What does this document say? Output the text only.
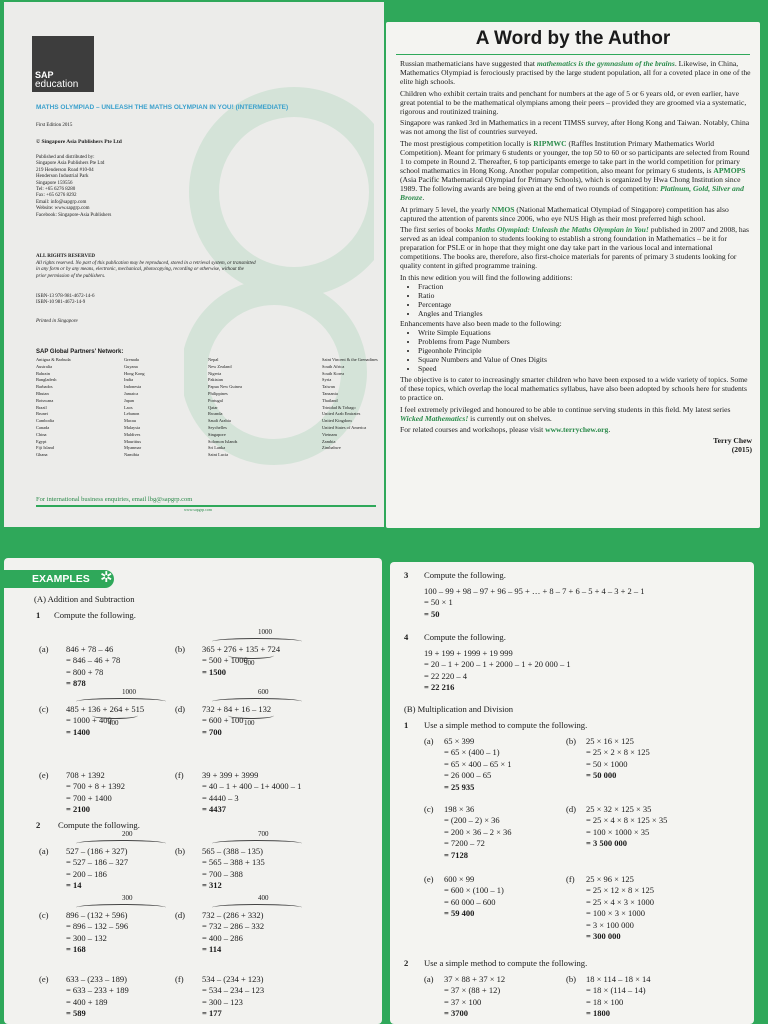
SAP
education
MATHS OLYMPIAD – UNLEASH THE MATHS OLYMPIAN IN YOU! (INTERMEDIATE)
First Edition 2015
© Singapore Asia Publishers Pte Ltd
Published and distributed by:
Singapore Asia Publishers Pte Ltd
219 Henderson Road #10-04
Henderson Industrial Park
Singapore 159556
Tel: +65 6276 8280
Fax: +65 6276 8292
Email: info@sapgrp.com
Website: www.sapgrp.com
Facebook: Singapore-Asia Publishers
ALL RIGHTS RESERVED
All rights reserved. No part of this publication may be reproduced, stored in a retrieval system, or transmitted
in any form or by any means, electronic, mechanical, photocopying, recording or otherwise, without the
prior permission of the publishers.
ISBN-13 978-981-4672-14-6
ISBN-10 981-4672-14-9
Printed in Singapore
SAP Global Partners' Network:
Antigua & Barbuda
Australia
Bahrain
Bangladesh
Barbados
Bhutan
Botswana
Brazil
Brunei
Cambodia
Canada
China
Egypt
Fiji Island
Ghana
Grenada
Guyana
Hong Kong
India
Indonesia
Jamaica
Japan
Laos
Lebanon
Macau
Malaysia
Maldives
Mauritius
Myanmar
Namibia
Nepal
New Zealand
Nigeria
Pakistan
Papua New Guinea
Philippines
Portugal
Qatar
Rwanda
Saudi Arabia
Seychelles
Singapore
Solomon Islands
Sri Lanka
Saint Lucia
Saint Vincent & the Grenadines
South Africa
South Korea
Syria
Taiwan
Tanzania
Thailand
Trinidad & Tobago
United Arab Emirates
United Kingdom
United States of America
Vietnam
Zambia
Zimbabwe
For international business enquiries, email lbg@sapgrp.com
www.sapgrp.com
A Word by the Author

Russian mathematicians have suggested that mathematics is the gymnasium of the brains. Likewise, in China, Mathematics Olympiad is ferociously practised by the large student population, all for a coveted place in one of the elite high schools.

Children who exhibit certain traits and penchant for numbers at the age of 5 or 6 years old, or even earlier, have great potential to be the mathematical olympians among their peers – provided they are groomed via a systematic, rigorous and routinized training.

Singapore was ranked 3rd in Mathematics in a recent TIMSS survey, after Hong Kong and Taiwan. Notably, China was not among the list of countries surveyed.

The most prestigious competition locally is RIPMWC (Raffles Institution Primary Mathematics World Competition). Meant for primary 6 students or younger, the top 50 to 60 or so participants are selected from Round 1 to compete in Round 2. Thereafter, 6 top participants emerge to take part in the world competition for primary school mathematics in Hong Kong. Another popular competition, also meant for primary 6 students, is APMOPS (Asia Pacific Mathematical Olympiad for Primary Schools), which is organized by Hwa Chong Institution since 1989. The following awards are being given at the end of two rounds of competition: Platinum, Gold, Silver and Bronze.

At primary 5 level, the yearly NMOS (National Mathematical Olympiad of Singapore) competition has also captured the attention of parents since 2006, who eye NUS High as their most preferred high school.

The first series of books Maths Olympiad: Unleash the Maths Olympian in You! published in 2007 and 2008, has served as an ideal companion to students looking to establish a strong foundation in Mathematics – be it for preparation for PSLE or in hope that they might one day take part in the various local and international competitions. The books are, therefore, also first-choice materials for parents of primary 3 students looking for quality content in gifted programme training.

In this new edition you will find the following additions:

• Fraction
• Ratio
• Percentage
• Angles and Triangles

Enhancements have also been made to the following:

• Write Simple Equations
• Problems from Page Numbers
• Pigeonhole Principle
• Square Numbers and Value of Ones Digits
• Speed

The objective is to cater to increasingly smarter children who have been exposed to a wide variety of topics. Some of these topics, which overlap the local mathematics syllabus, have also been adopted by schools here for students to practice on.

I feel extremely privileged and honoured to be able to continue serving students in this field. My latest series Wicked Mathematics! is currently out on shelves.

For related courses and workshops, please visit www.terrychew.org.

Terry Chew
(2015)
EXAMPLES ✲
(A) Addition and Subtraction
1 Compute the following.
2 Compute the following.
(a) 846 + 78 – 46
= 846 – 46 + 78
= 800 + 78
= 878
(b) 365 + 276 + 135 + 724
= 500 + 1000
= 1500
1000
500
(c) 485 + 136 + 264 + 515
= 1000 + 400
= 1400
1000
400
(d) 732 + 84 + 16 – 132
= 600 + 100
= 700
600
100
(e) 708 + 1392
= 700 + 8 + 1392
= 700 + 1400
= 2100
(f) 39 + 399 + 3999
= 40 – 1 + 400 – 1+ 4000 – 1
= 4440 – 3
= 4437
(a) 527 – (186 + 327)
= 527 – 186 – 327
= 200 – 186
= 14
200
(b) 565 – (388 – 135)
= 565 – 388 + 135
= 700 – 388
= 312
700
(c) 896 – (132 + 596)
= 896 – 132 – 596
= 300 – 132
= 168
300
(d) 732 – (286 + 332)
= 732 – 286 – 332
= 400 – 286
= 114
400
(e) 633 – (233 – 189)
= 633 – 233 + 189
= 400 + 189
= 589
(f) 534 – (234 + 123)
= 534 – 234 – 123
= 300 – 123
= 177
3 Compute the following.
100 – 99 + 98 – 97 + 96 – 95 + … + 8 – 7 + 6 – 5 + 4 – 3 + 2 – 1
= 50 × 1
= 50
4 Compute the following.
19 + 199 + 1999 + 19 999
= 20 – 1 + 200 – 1 + 2000 – 1 + 20 000 – 1
= 22 220 – 4
= 22 216
(B) Multiplication and Division
1 Use a simple method to compute the following.
2 Use a simple method to compute the following.
(a) 65 × 399
= 65 × (400 – 1)
= 65 × 400 – 65 × 1
= 26 000 – 65
= 25 935
(b) 25 × 16 × 125
= 25 × 2 × 8 × 125
= 50 × 1000
= 50 000
(c) 198 × 36
= (200 – 2) × 36
= 200 × 36 – 2 × 36
= 7200 – 72
= 7128
(d) 25 × 32 × 125 × 35
= 25 × 4 × 8 × 125 × 35
= 100 × 1000 × 35
= 3 500 000
(e) 600 × 99
= 600 × (100 – 1)
= 60 000 – 600
= 59 400
(f) 25 × 96 × 125
= 25 × 12 × 8 × 125
= 25 × 4 × 3 × 1000
= 100 × 3 × 1000
= 3 × 100 000
= 300 000
(a) 37 × 88 + 37 × 12
= 37 × (88 + 12)
= 37 × 100
= 3700
(b) 18 × 114 – 18 × 14
= 18 × (114 – 14)
= 18 × 100
= 1800
